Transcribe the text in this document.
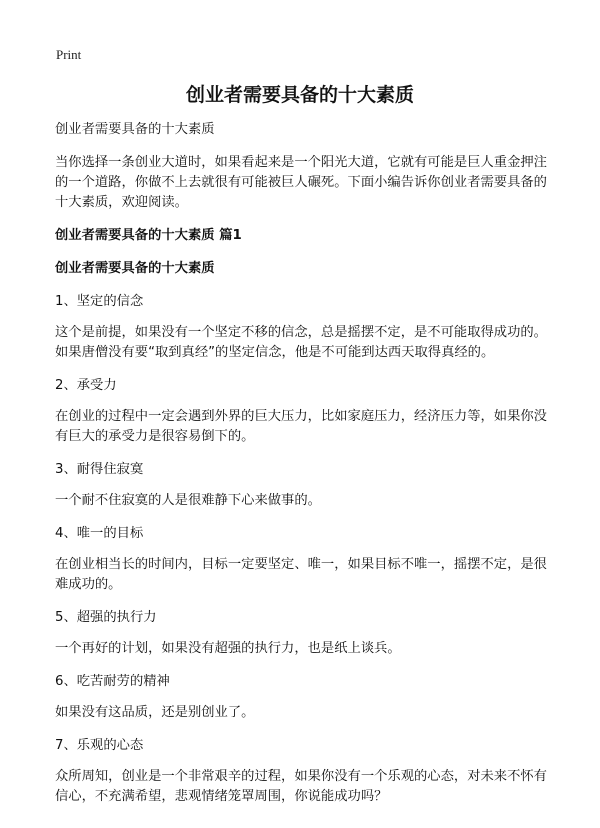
Print
创业者需要具备的十大素质

创业者需要具备的十大素质

当你选择一条创业大道时，如果看起来是一个阳光大道，它就有可能是巨人重金押注的一个道路，你做不上去就很有可能被巨人碾死。下面小编告诉你创业者需要具备的十大素质，欢迎阅读。

创业者需要具备的十大素质 篇1

创业者需要具备的十大素质

1、坚定的信念

这个是前提，如果没有一个坚定不移的信念，总是摇摆不定，是不可能取得成功的。如果唐僧没有要“取到真经”的坚定信念，他是不可能到达西天取得真经的。

2、承受力

在创业的过程中一定会遇到外界的巨大压力，比如家庭压力，经济压力等，如果你没有巨大的承受力是很容易倒下的。

3、耐得住寂寞

一个耐不住寂寞的人是很难静下心来做事的。

4、唯一的目标

在创业相当长的时间内，目标一定要坚定、唯一，如果目标不唯一，摇摆不定，是很难成功的。

5、超强的执行力

一个再好的计划，如果没有超强的执行力，也是纸上谈兵。

6、吃苦耐劳的精神

如果没有这品质，还是别创业了。

7、乐观的心态

众所周知，创业是一个非常艰辛的过程，如果你没有一个乐观的心态，对未来不怀有信心，不充满希望，悲观情绪笼罩周围，你说能成功吗？
